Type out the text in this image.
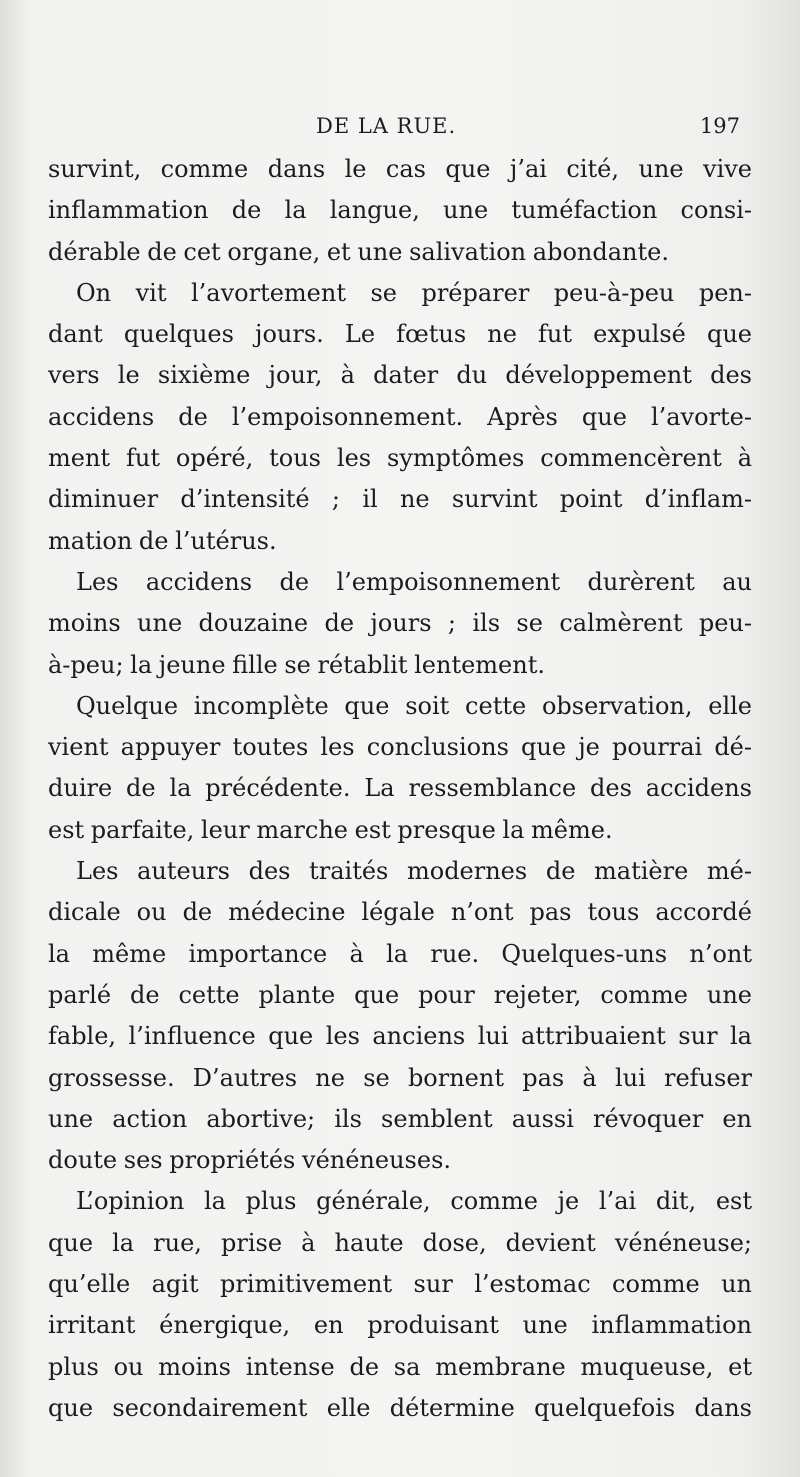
DE LA RUE.	197
survint, comme dans le cas que j’ai cité, une vive
inflammation de la langue, une tuméfaction consi-
dérable de cet organe, et une salivation abondante.
On vit l’avortement se préparer peu-à-peu pen-
dant quelques jours. Le fœtus ne fut expulsé que
vers le sixième jour, à dater du développement des
accidens de l’empoisonnement. Après que l’avorte-
ment fut opéré, tous les symptômes commencèrent à
diminuer d’intensité ; il ne survint point d’inflam-
mation de l’utérus.
Les accidens de l’empoisonnement durèrent au
moins une douzaine de jours ; ils se calmèrent peu-
à-peu; la jeune fille se rétablit lentement.
Quelque incomplète que soit cette observation, elle
vient appuyer toutes les conclusions que je pourrai dé-
duire de la précédente. La ressemblance des accidens
est parfaite, leur marche est presque la même.
Les auteurs des traités modernes de matière mé-
dicale ou de médecine légale n’ont pas tous accordé
la même importance à la rue. Quelques-uns n’ont
parlé de cette plante que pour rejeter, comme une
fable, l’influence que les anciens lui attribuaient sur la
grossesse. D’autres ne se bornent pas à lui refuser
une action abortive; ils semblent aussi révoquer en
doute ses propriétés vénéneuses.
L’opinion la plus générale, comme je l’ai dit, est
que la rue, prise à haute dose, devient vénéneuse;
qu’elle agit primitivement sur l’estomac comme un
irritant énergique, en produisant une inflammation
plus ou moins intense de sa membrane muqueuse, et
que secondairement elle détermine quelquefois dans
